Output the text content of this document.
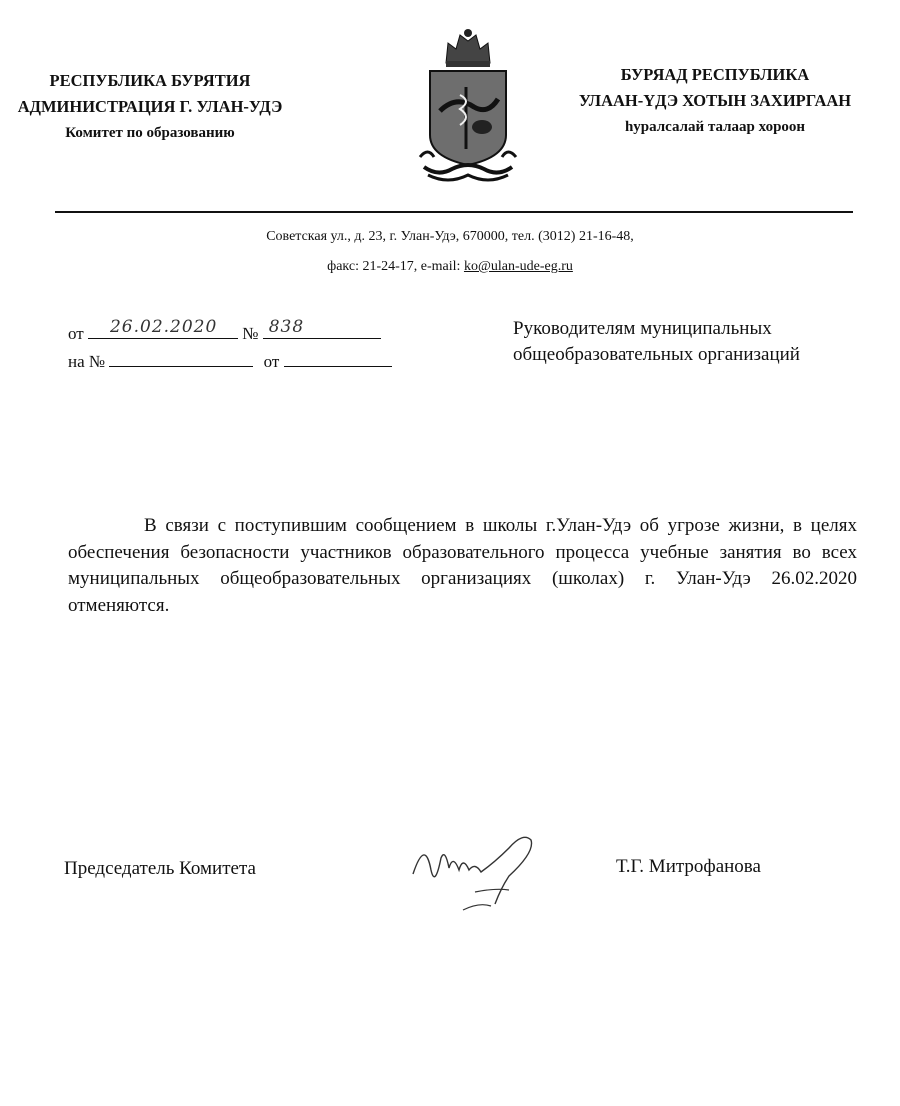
РЕСПУБЛИКА БУРЯТИЯ
АДМИНИСТРАЦИЯ Г. УЛАН-УДЭ
Комитет по образованию
БУРЯАД РЕСПУБЛИКА
УЛААН-ҮДЭ ХОТЫН ЗАХИРГААН
һуралсалай талаар хороон
Советская ул., д. 23, г. Улан-Удэ, 670000, тел. (3012) 21-16-48,
факс: 21-24-17, e-mail: ko@ulan-ude-eg.ru
от 26.02.2020 № 838
на №	от
Руководителям муниципальных
общеобразовательных организаций
В связи с поступившим сообщением в школы г.Улан-Удэ об угрозе жизни, в целях обеспечения безопасности участников образовательного процесса учебные занятия во всех муниципальных общеобразовательных организациях (школах) г. Улан-Удэ 26.02.2020 отменяются.
Председатель Комитета	Т.Г. Митрофанова
